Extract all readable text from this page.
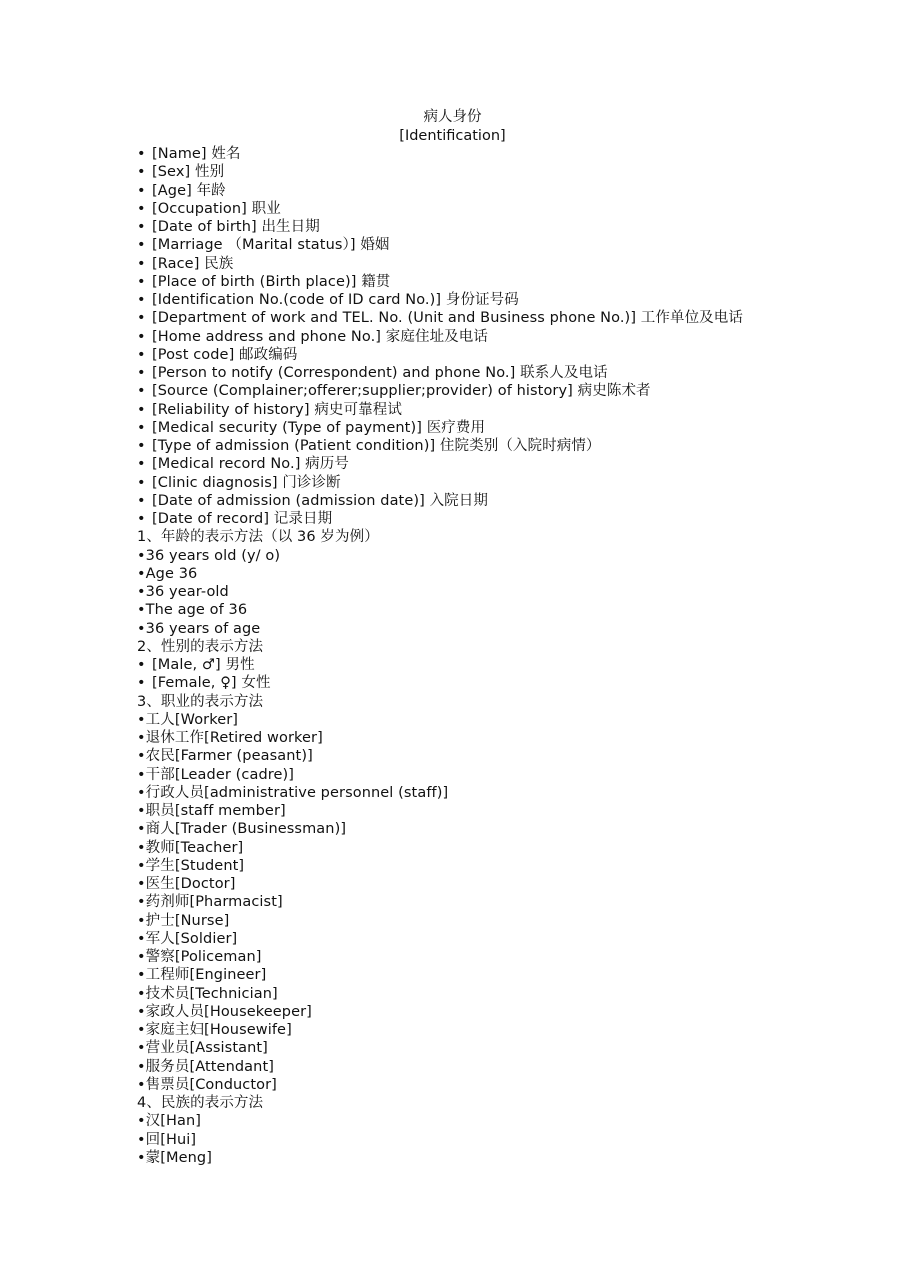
病人身份
[Identification]
• [Name] 姓名
• [Sex] 性别
• [Age] 年龄
• [Occupation] 职业
• [Date of birth] 出生日期
• [Marriage （Marital status）] 婚姻
• [Race] 民族
• [Place of birth (Birth place)] 籍贯
• [Identification No.(code of ID card No.)] 身份证号码
• [Department of work and TEL. No. (Unit and Business phone No.)] 工作单位及电话
• [Home address and phone No.] 家庭住址及电话
• [Post code] 邮政编码
• [Person to notify (Correspondent) and phone No.] 联系人及电话
• [Source (Complainer;offerer;supplier;provider) of history] 病史陈术者
• [Reliability of history] 病史可靠程试
• [Medical security (Type of payment)] 医疗费用
• [Type of admission (Patient condition)] 住院类别（入院时病情）
• [Medical record No.] 病历号
• [Clinic diagnosis] 门诊诊断
• [Date of admission (admission date)] 入院日期
• [Date of record] 记录日期
1、年龄的表示方法（以 36 岁为例）
•36 years old (y/ o)
•Age 36
•36 year-old
•The age of 36
•36 years of age
2、性别的表示方法
• [Male, ♂] 男性
• [Female, ♀] 女性
3、职业的表示方法
•工人[Worker]
•退休工作[Retired worker]
•农民[Farmer (peasant)]
•干部[Leader (cadre)]
•行政人员[administrative personnel (staff)]
•职员[staff member]
•商人[Trader (Businessman)]
•教师[Teacher]
•学生[Student]
•医生[Doctor]
•药剂师[Pharmacist]
•护士[Nurse]
•军人[Soldier]
•警察[Policeman]
•工程师[Engineer]
•技术员[Technician]
•家政人员[Housekeeper]
•家庭主妇[Housewife]
•营业员[Assistant]
•服务员[Attendant]
•售票员[Conductor]
4、民族的表示方法
•汉[Han]
•回[Hui]
•蒙[Meng]
